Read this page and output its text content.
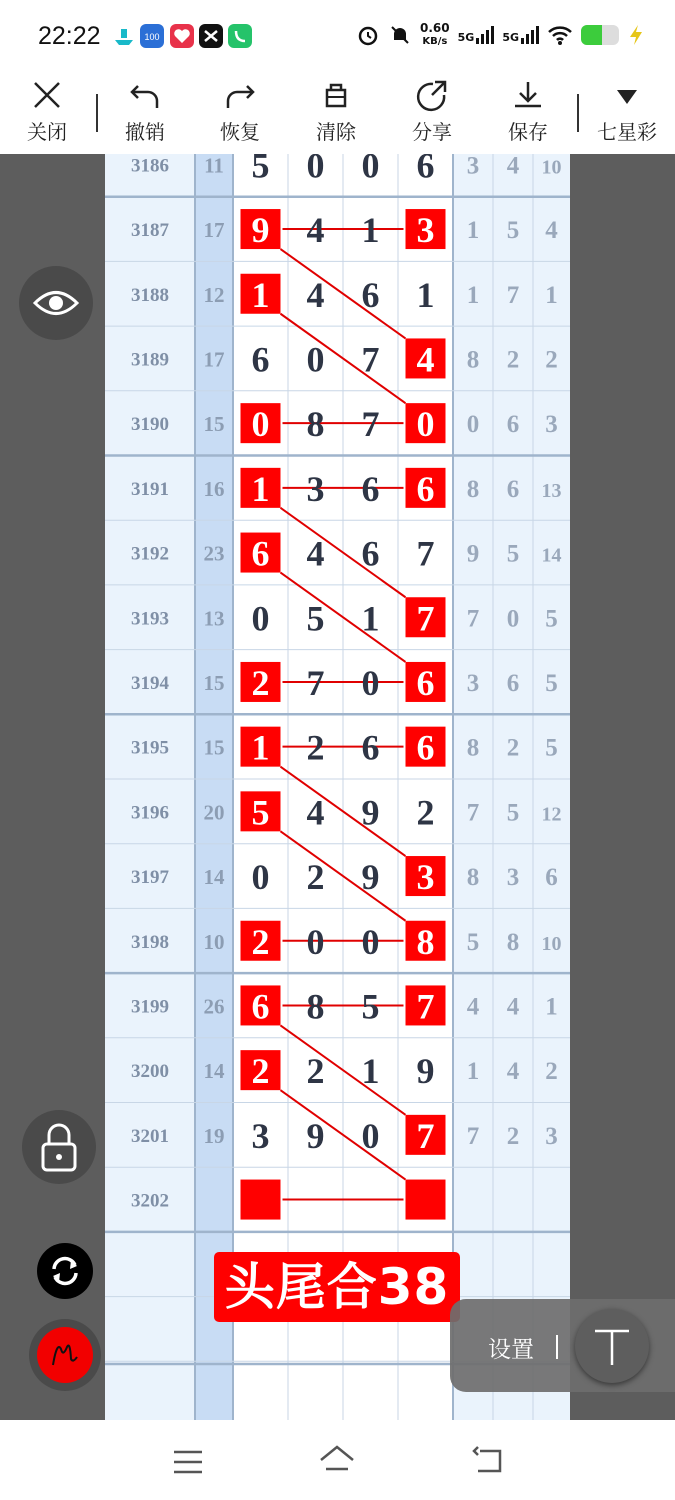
22:22	100
0.60
KB/s 5G	5G
关闭	撤销	恢复	清除	分享	保存	七星彩
3186 11 5 0 0 6 3 4 10
3187 17 9 4 1 3 1 5 4
3188 12 1 4 6 1 1 7 1
3189 17 6 0 7 4 8 2 2
3190 15 0 8 7 0 0 6 3
3191 16 1 3 6 6 8 6 13
3192 23 6 4 6 7 9 5 14
3193 13 0 5 1 7 7 0 5
3194 15 2 7 0 6 3 6 5
3195 15 1 2 6 6 8 2 5
3196 20 5 4 9 2 7 5 12
3197 14 0 2 9 3 8 3 6
3198 10 2 0 0 8 5 8 10
3199 26 6 8 5 7 4 4 1
3200 14 2 2 1 9 1 4 2
3201 19 3 9 0 7 7 2 3
3202
头尾合38
设置
